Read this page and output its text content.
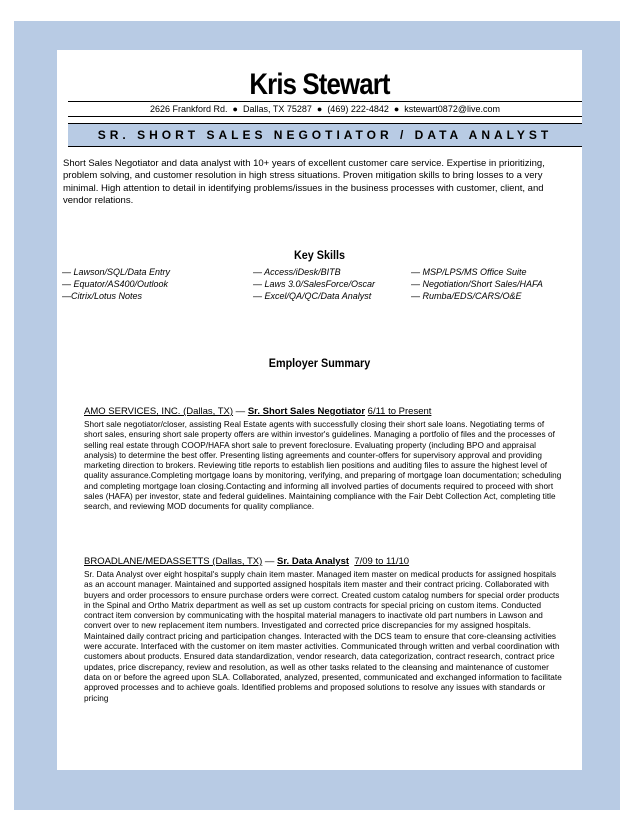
Kris Stewart
2626 Frankford Rd. ● Dallas, TX 75287 ● (469) 222-4842 ● kstewart0872@live.com
SR. SHORT SALES NEGOTIATOR / DATA ANALYST
Short Sales Negotiator and data analyst with 10+ years of excellent customer care service. Expertise in prioritizing, problem solving, and customer resolution in high stress situations. Proven mitigation skills to bring losses to a very minimal. High attention to detail in identifying problems/issues in the business processes with customer, client, and vendor relations.
Key Skills
— Lawson/SQL/Data Entry
— Equator/AS400/Outlook
—Citrix/Lotus Notes
— Access/iDesk/BITB
— Laws 3.0/SalesForce/Oscar
— Excel/QA/QC/Data Analyst
— MSP/LPS/MS Office Suite
— Negotiation/Short Sales/HAFA
— Rumba/EDS/CARS/O&E
Employer Summary
AMO SERVICES, INC. (Dallas, TX) — Sr. Short Sales Negotiator 6/11 to Present
Short sale negotiator/closer, assisting Real Estate agents with successfully closing their short sale loans. Negotiating terms of short sales, ensuring short sale property offers are within investor's guidelines. Managing a portfolio of files and the processes of selling real estate through COOP/HAFA short sale to prevent foreclosure. Evaluating property (including BPO and appraisal analysis) to determine the best offer. Presenting listing agreements and counter-offers for supervisory approval and providing marketing direction to brokers. Reviewing title reports to establish lien positions and auditing files to assure the highest level of quality assurance.Completing mortgage loans by monitoring, verifying, and preparing of mortgage loan documentation; scheduling and completing mortgage loan closing.Contacting and informing all involved parties of documents required to proceed with short sales (HAFA) per investor, state and federal guidelines. Maintaining compliance with the Fair Debt Collection Act, completing title search, and reviewing MOD documents for quality compliance.
BROADLANE/MEDASSETTS (Dallas, TX) — Sr. Data Analyst 7/09 to 11/10
Sr. Data Analyst over eight hospital's supply chain item master. Managed item master on medical products for assigned hospitals as an account manager. Maintained and supported assigned hospitals item master and their contract pricing. Collaborated with buyers and order processors to ensure purchase orders were correct. Created custom catalog numbers for special order products in the Spinal and Ortho Matrix department as well as set up custom contracts for special pricing on custom items. Conducted contract item conversion by communicating with the hospital material managers to inactivate old part numbers in Lawson and convert over to new replacement item numbers. Investigated and corrected price discrepancies for my assigned hospitals. Maintained daily contract pricing and participation changes. Interacted with the DCS team to ensure that core-cleansing activities were accurate. Interfaced with the customer on item master activities. Communicated through written and verbal coordination with customers about products. Ensured data standardization, vendor research, data categorization, contract research, contract price updates, price discrepancy, review and resolution, as well as other tasks related to the cleansing and maintenance of customer data on or before the agreed upon SLA. Collaborated, analyzed, presented, communicated and exchanged information to facilitate approved processes and to achieve goals. Identified problems and proposed solutions to resolve any issues with standards or pricing
